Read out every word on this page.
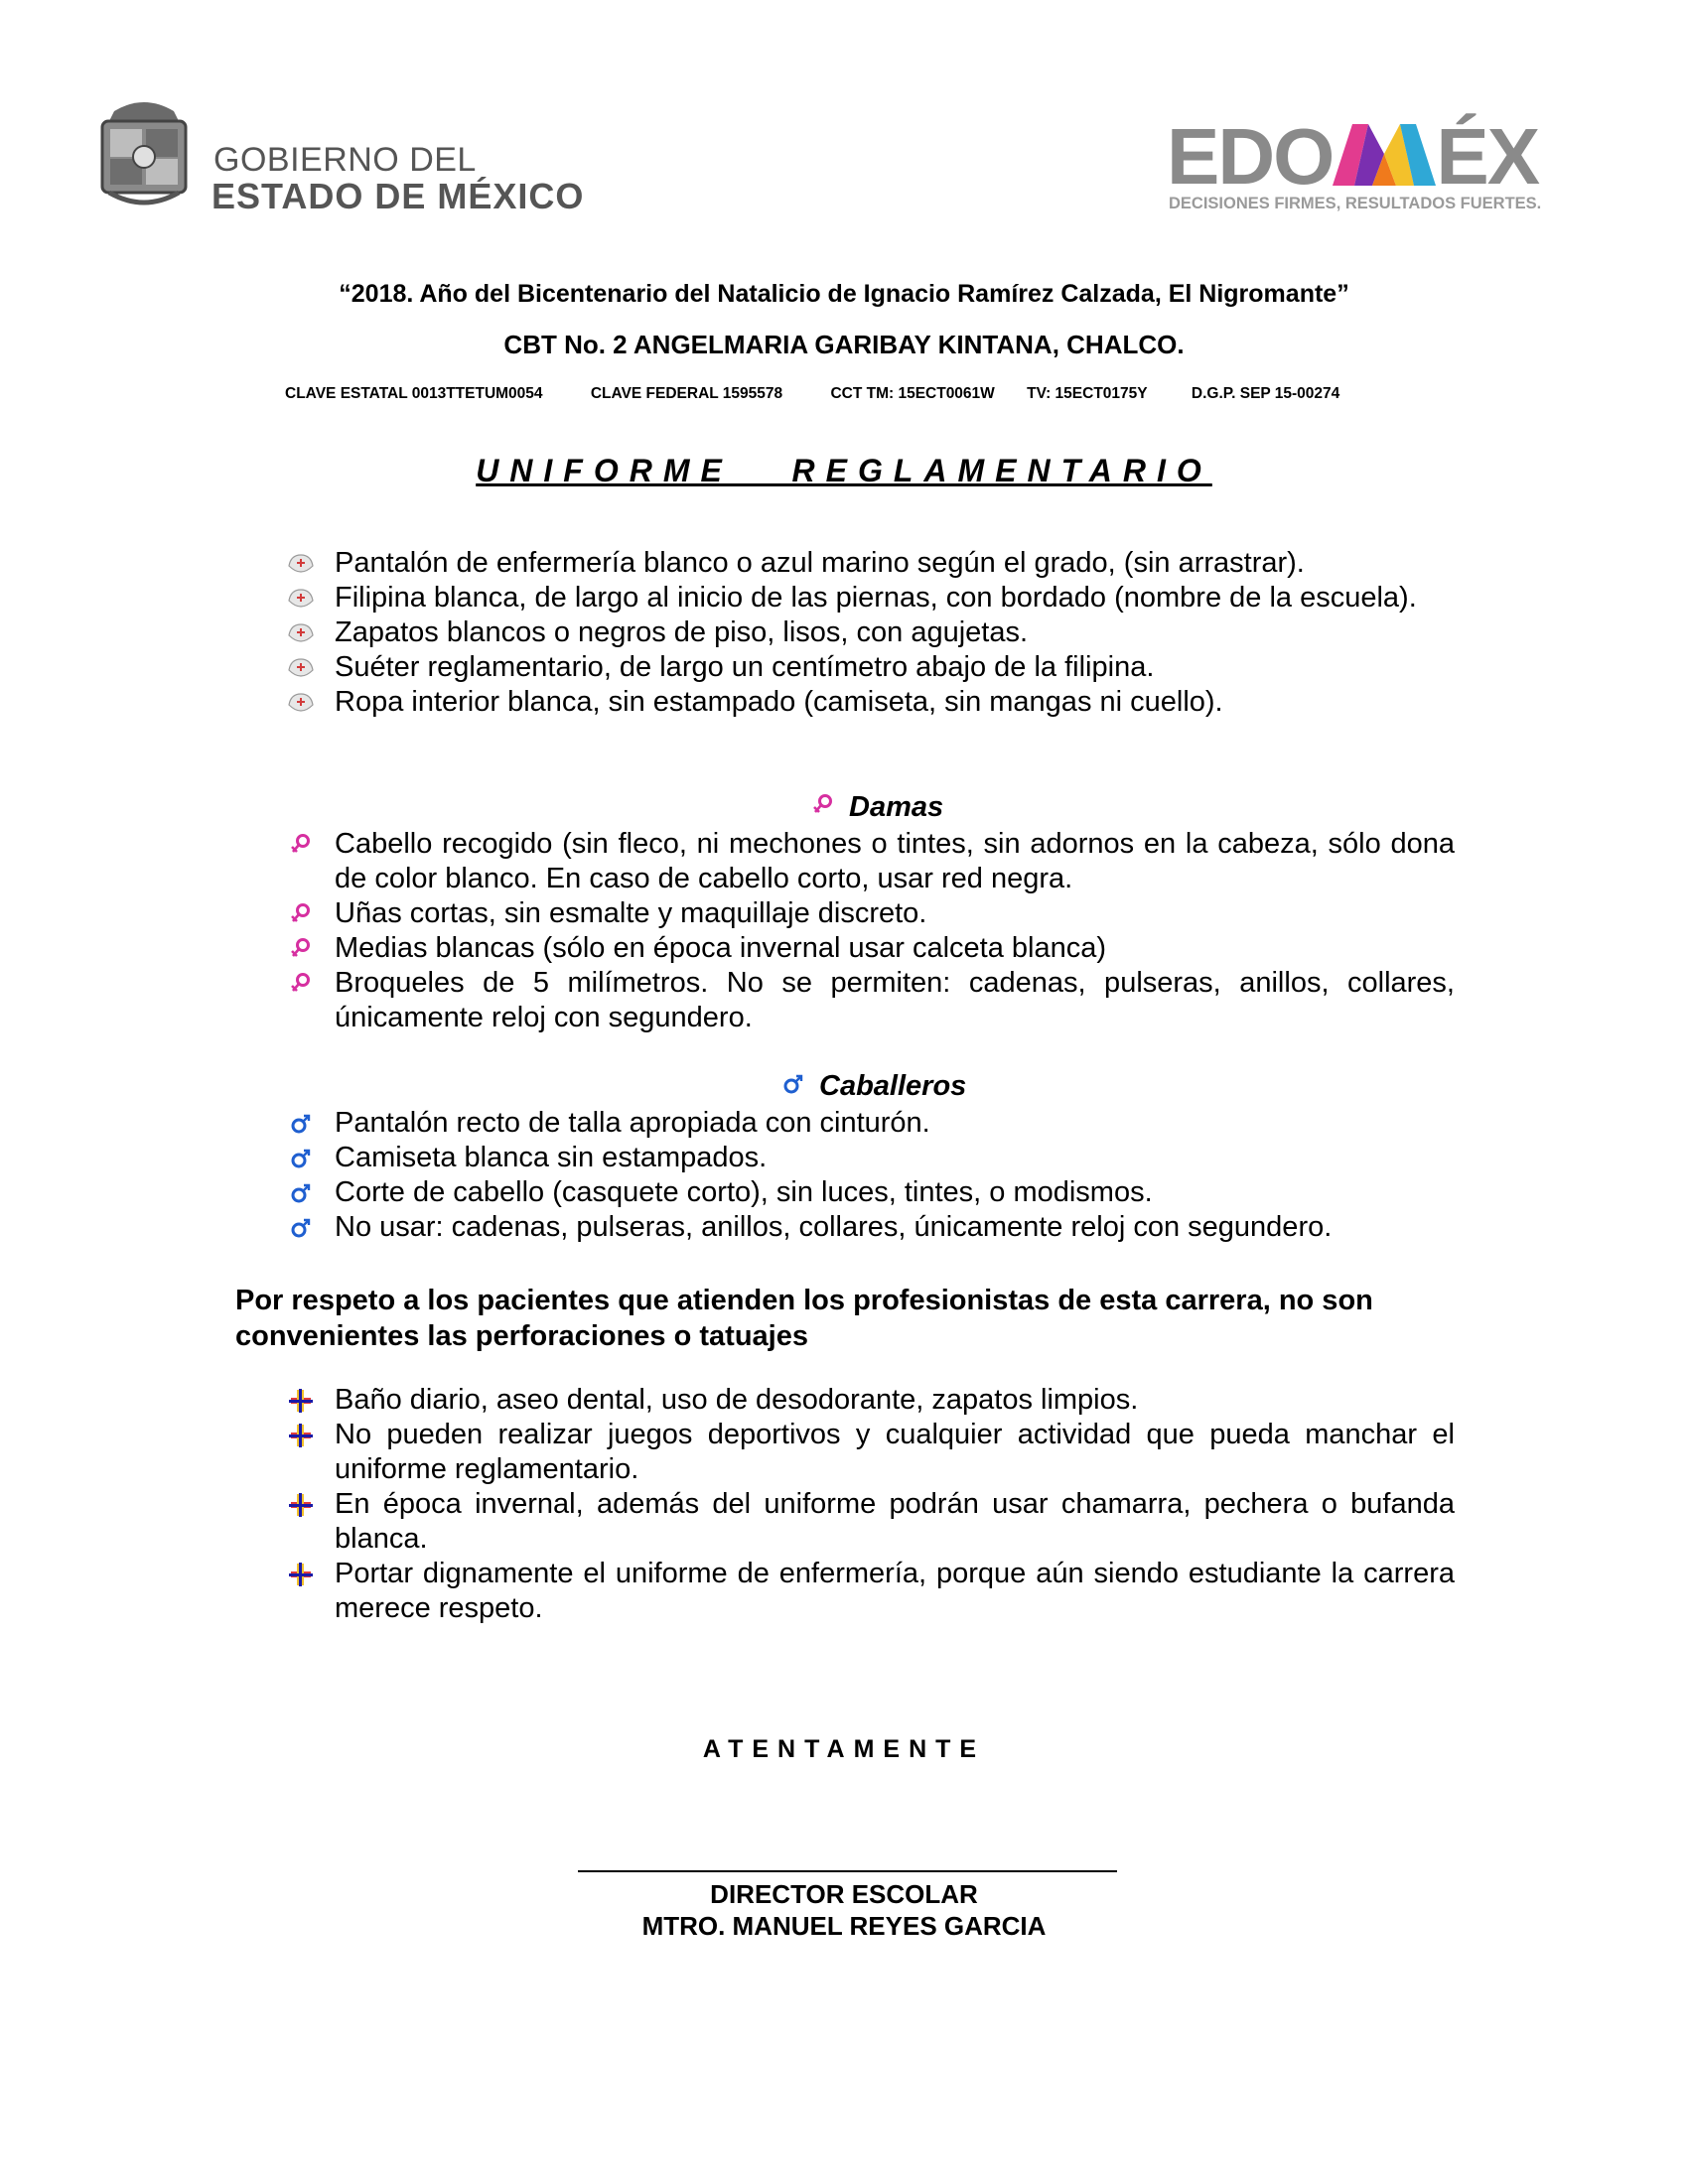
GOBIERNO DEL
ESTADO DE MÉXICO	EDO ÉX
DECISIONES FIRMES, RESULTADOS FUERTES.
“2018. Año del Bicentenario del Natalicio de Ignacio Ramírez Calzada, El Nigromante”
CBT No. 2 ANGELMARIA GARIBAY KINTANA, CHALCO.
CLAVE ESTATAL 0013TTETUM0054	CLAVE FEDERAL 1595578	CCT TM: 15ECT0061W TV: 15ECT0175Y	D.G.P. SEP 15-00274
UNIFORME   REGLAMENTARIO
Pantalón de enfermería blanco o azul marino según el grado, (sin arrastrar).
Filipina blanca, de largo al inicio de las piernas, con bordado (nombre de la escuela).
Zapatos blancos o negros de piso, lisos, con agujetas.
Suéter reglamentario, de largo un centímetro abajo de la filipina.
Ropa interior blanca, sin estampado (camiseta, sin mangas ni cuello).
Damas
Cabello recogido (sin fleco, ni mechones o tintes, sin adornos en la cabeza, sólo dona de color blanco. En caso de cabello corto, usar red negra.
Uñas cortas, sin esmalte y maquillaje discreto.
Medias blancas (sólo en época invernal usar calceta blanca)
Broqueles de 5 milímetros. No se permiten: cadenas, pulseras, anillos, collares, únicamente reloj con segundero.
Caballeros
Pantalón recto de talla apropiada con cinturón.
Camiseta blanca sin estampados.
Corte de cabello (casquete corto), sin luces, tintes, o modismos.
No usar: cadenas, pulseras, anillos, collares, únicamente reloj con segundero.
Por respeto a los pacientes que atienden los profesionistas de esta carrera, no son convenientes las perforaciones o tatuajes
Baño diario, aseo dental, uso de desodorante, zapatos limpios.
No pueden realizar juegos deportivos y cualquier actividad que pueda manchar el uniforme reglamentario.
En época invernal, además del uniforme podrán usar chamarra, pechera o bufanda blanca.
Portar dignamente el uniforme de enfermería, porque aún siendo estudiante la carrera merece respeto.
ATENTAMENTE
DIRECTOR ESCOLAR
MTRO. MANUEL REYES GARCIA
